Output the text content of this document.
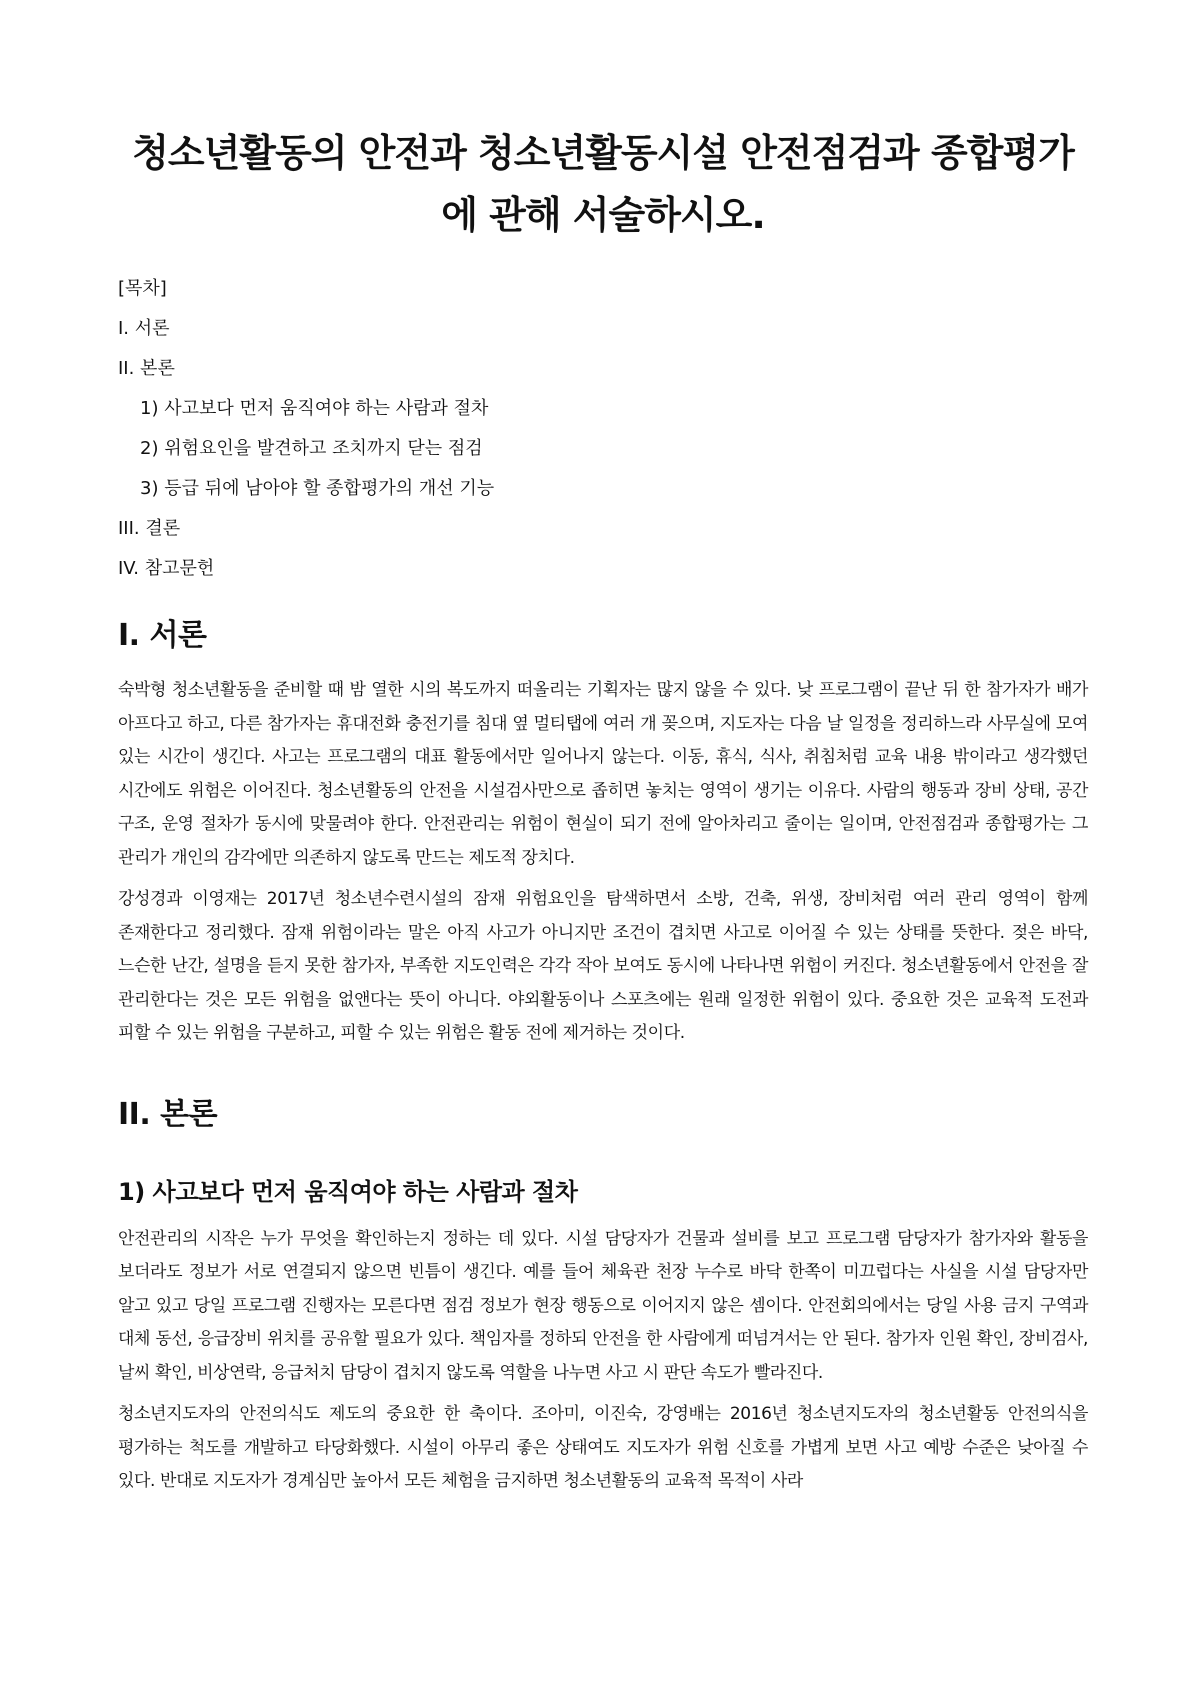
청소년활동의 안전과 청소년활동시설 안전점검과 종합평가에 관해 서술하시오.
[목차]
I. 서론
II. 본론
1) 사고보다 먼저 움직여야 하는 사람과 절차
2) 위험요인을 발견하고 조치까지 닫는 점검
3) 등급 뒤에 남아야 할 종합평가의 개선 기능
III. 결론
IV. 참고문헌
I. 서론

숙박형 청소년활동을 준비할 때 밤 열한 시의 복도까지 떠올리는 기획자는 많지 않을 수 있다. 낮 프로그램이 끝난 뒤 한 참가자가 배가 아프다고 하고, 다른 참가자는 휴대전화 충전기를 침대 옆 멀티탭에 여러 개 꽂으며, 지도자는 다음 날 일정을 정리하느라 사무실에 모여 있는 시간이 생긴다. 사고는 프로그램의 대표 활동에서만 일어나지 않는다. 이동, 휴식, 식사, 취침처럼 교육 내용 밖이라고 생각했던 시간에도 위험은 이어진다. 청소년활동의 안전을 시설검사만으로 좁히면 놓치는 영역이 생기는 이유다. 사람의 행동과 장비 상태, 공간 구조, 운영 절차가 동시에 맞물려야 한다. 안전관리는 위험이 현실이 되기 전에 알아차리고 줄이는 일이며, 안전점검과 종합평가는 그 관리가 개인의 감각에만 의존하지 않도록 만드는 제도적 장치다.

강성경과 이영재는 2017년 청소년수련시설의 잠재 위험요인을 탐색하면서 소방, 건축, 위생, 장비처럼 여러 관리 영역이 함께 존재한다고 정리했다. 잠재 위험이라는 말은 아직 사고가 아니지만 조건이 겹치면 사고로 이어질 수 있는 상태를 뜻한다. 젖은 바닥, 느슨한 난간, 설명을 듣지 못한 참가자, 부족한 지도인력은 각각 작아 보여도 동시에 나타나면 위험이 커진다. 청소년활동에서 안전을 잘 관리한다는 것은 모든 위험을 없앤다는 뜻이 아니다. 야외활동이나 스포츠에는 원래 일정한 위험이 있다. 중요한 것은 교육적 도전과 피할 수 있는 위험을 구분하고, 피할 수 있는 위험은 활동 전에 제거하는 것이다.

II. 본론
1) 사고보다 먼저 움직여야 하는 사람과 절차

안전관리의 시작은 누가 무엇을 확인하는지 정하는 데 있다. 시설 담당자가 건물과 설비를 보고 프로그램 담당자가 참가자와 활동을 보더라도 정보가 서로 연결되지 않으면 빈틈이 생긴다. 예를 들어 체육관 천장 누수로 바닥 한쪽이 미끄럽다는 사실을 시설 담당자만 알고 있고 당일 프로그램 진행자는 모른다면 점검 정보가 현장 행동으로 이어지지 않은 셈이다. 안전회의에서는 당일 사용 금지 구역과 대체 동선, 응급장비 위치를 공유할 필요가 있다. 책임자를 정하되 안전을 한 사람에게 떠넘겨서는 안 된다. 참가자 인원 확인, 장비검사, 날씨 확인, 비상연락, 응급처치 담당이 겹치지 않도록 역할을 나누면 사고 시 판단 속도가 빨라진다.

청소년지도자의 안전의식도 제도의 중요한 한 축이다. 조아미, 이진숙, 강영배는 2016년 청소년지도자의 청소년활동 안전의식을 평가하는 척도를 개발하고 타당화했다. 시설이 아무리 좋은 상태여도 지도자가 위험 신호를 가볍게 보면 사고 예방 수준은 낮아질 수 있다. 반대로 지도자가 경계심만 높아서 모든 체험을 금지하면 청소년활동의 교육적 목적이 사라
